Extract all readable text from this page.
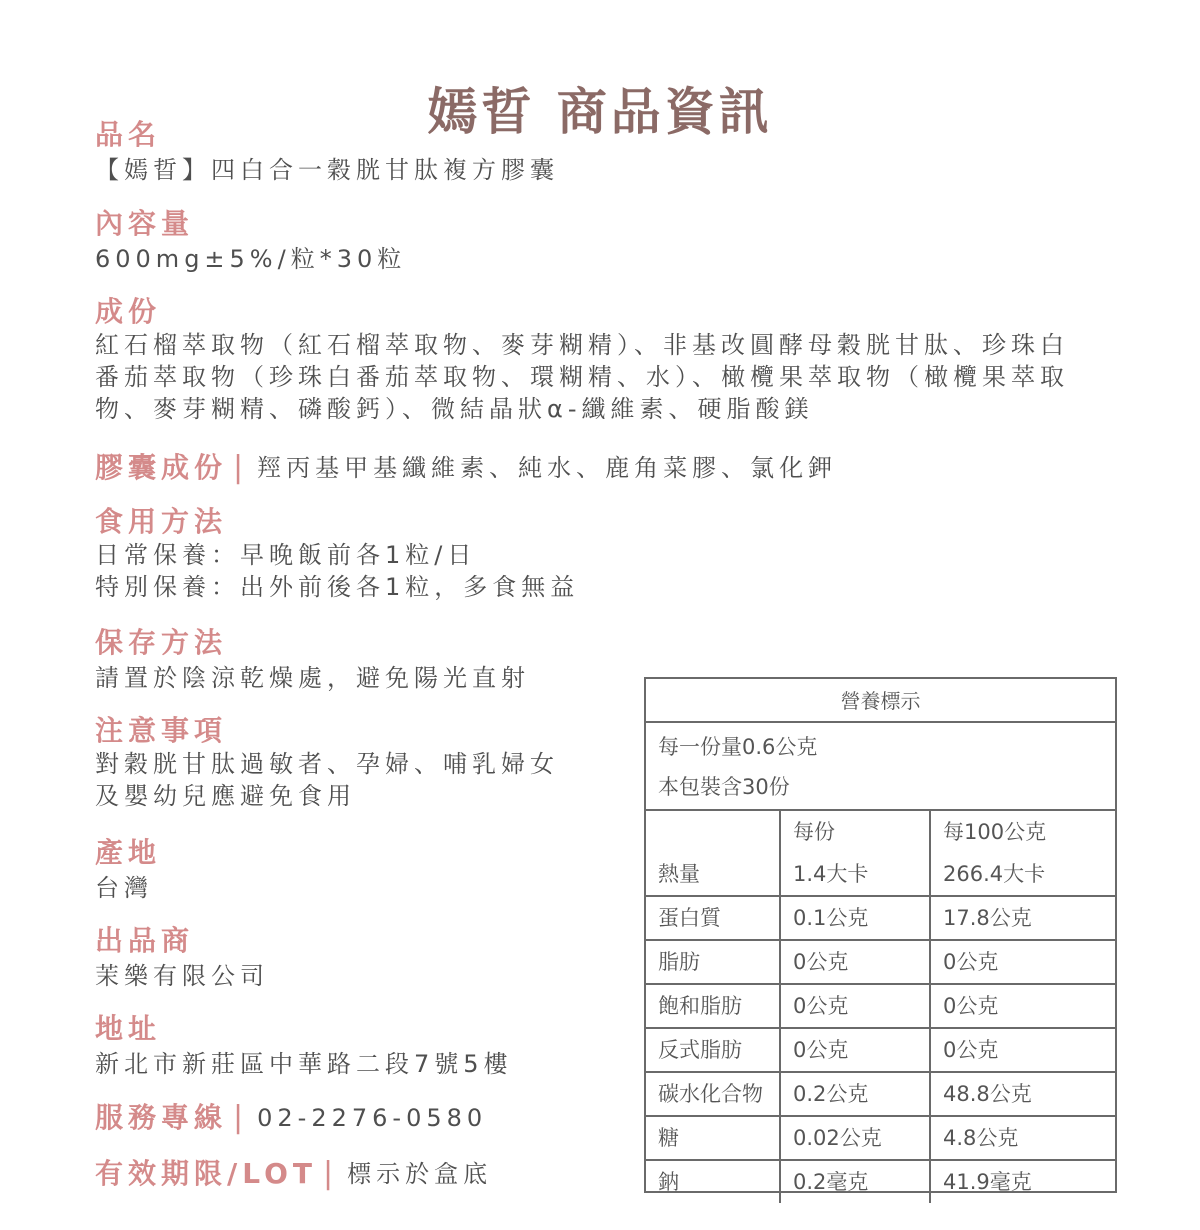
嫣晢 商品資訊
品名
【嫣晢】四白合一穀胱甘肽複方膠囊
內容量
600mg±5%/粒*30粒
成份
紅石榴萃取物（紅石榴萃取物、麥芽糊精）、非基改圓酵母穀胱甘肽、珍珠白
番茄萃取物（珍珠白番茄萃取物、環糊精、水）、橄欖果萃取物（橄欖果萃取
物、麥芽糊精、磷酸鈣）、微結晶狀α-纖維素、硬脂酸鎂
膠囊成份 | 羥丙基甲基纖維素、純水、鹿角菜膠、氯化鉀
食用方法
日常保養：早晚飯前各1粒/日
特別保養：出外前後各1粒，多食無益
保存方法
請置於陰涼乾燥處，避免陽光直射
注意事項
對穀胱甘肽過敏者、孕婦、哺乳婦女
及嬰幼兒應避免食用
產地
台灣
出品商
茉樂有限公司
地址
新北市新莊區中華路二段7號5樓
服務專線 | 02-2276-0580
有效期限/LOT | 標示於盒底
營養標示
每一份量0.6公克
本包裝含30份
	每份	每100公克
熱量	1.4大卡	266.4大卡
蛋白質	0.1公克	17.8公克
脂肪	0公克	0公克
飽和脂肪	0公克	0公克
反式脂肪	0公克	0公克
碳水化合物	0.2公克	48.8公克
糖	0.02公克	4.8公克
鈉	0.2毫克	41.9毫克
